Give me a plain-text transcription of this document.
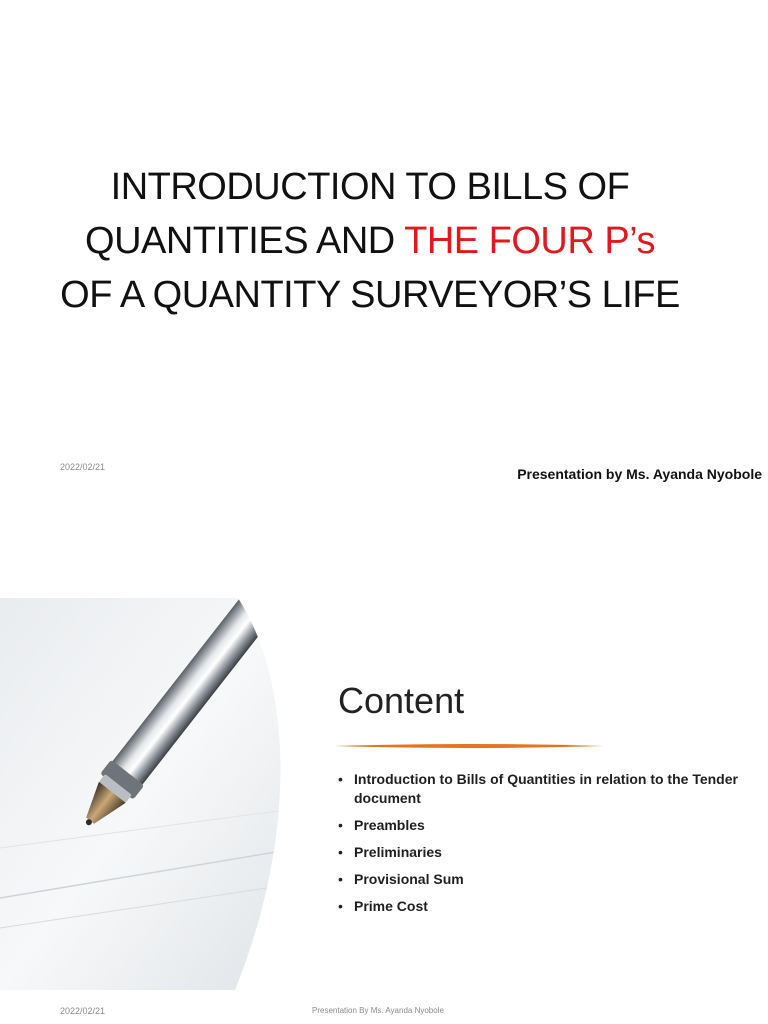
INTRODUCTION TO BILLS OF QUANTITIES AND THE FOUR P’s OF A QUANTITY SURVEYOR’S LIFE
2022/02/21	Presentation by Ms. Ayanda Nyobole
Content
• Introduction to Bills of Quantities in relation to the Tender document
• Preambles
• Preliminaries
• Provisional Sum
• Prime Cost
2022/02/21	Presentation By Ms. Ayanda Nyobole
